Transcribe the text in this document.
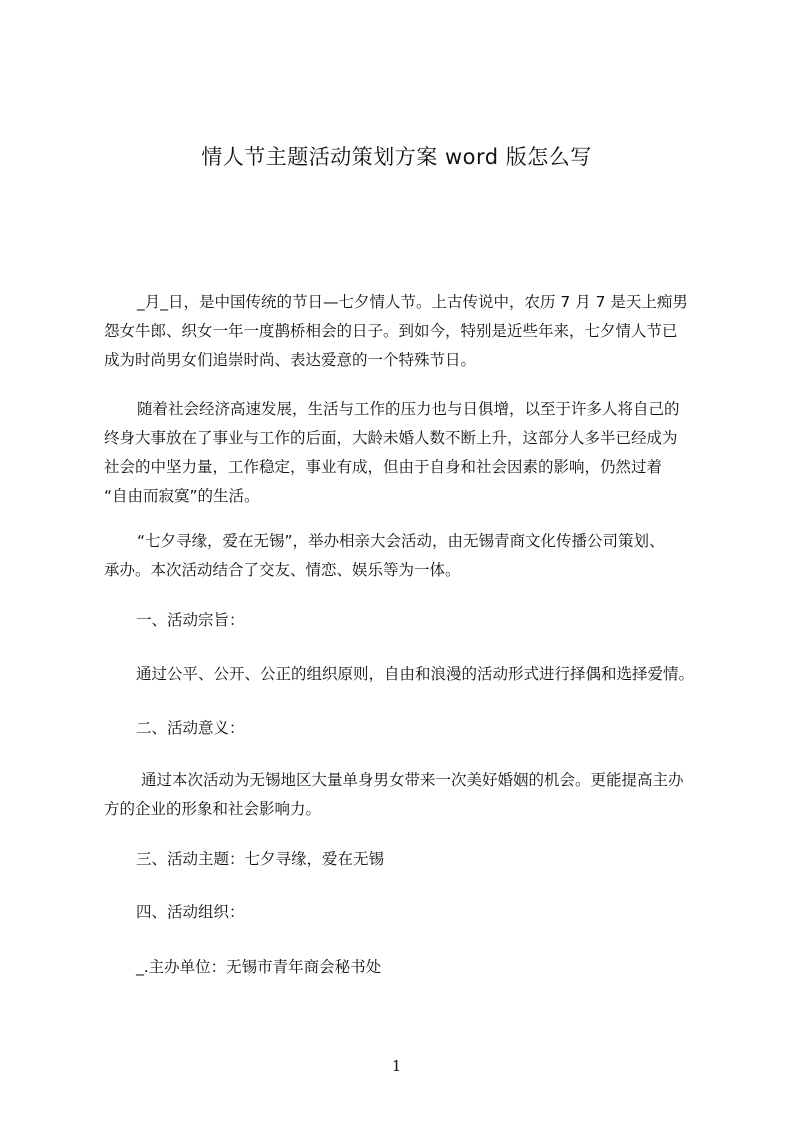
情人节主题活动策划方案 word 版怎么写
_月_日，是中国传统的节日—七夕情人节。上古传说中，农历 7 月 7 是天上痴男
怨女牛郎、织女一年一度鹊桥相会的日子。到如今，特别是近些年来，七夕情人节已
成为时尚男女们追崇时尚、表达爱意的一个特殊节日。
随着社会经济高速发展，生活与工作的压力也与日俱增，以至于许多人将自己的
终身大事放在了事业与工作的后面，大龄未婚人数不断上升，这部分人多半已经成为
社会的中坚力量，工作稳定，事业有成，但由于自身和社会因素的影响，仍然过着
“自由而寂寞”的生活。
“七夕寻缘，爱在无锡”，举办相亲大会活动，由无锡青商文化传播公司策划、
承办。本次活动结合了交友、情恋、娱乐等为一体。
一、活动宗旨：
通过公平、公开、公正的组织原则，自由和浪漫的活动形式进行择偶和选择爱情。
二、活动意义：
通过本次活动为无锡地区大量单身男女带来一次美好婚姻的机会。更能提高主办
方的企业的形象和社会影响力。
三、活动主题：七夕寻缘，爱在无锡
四、活动组织：
_.主办单位：无锡市青年商会秘书处
1
